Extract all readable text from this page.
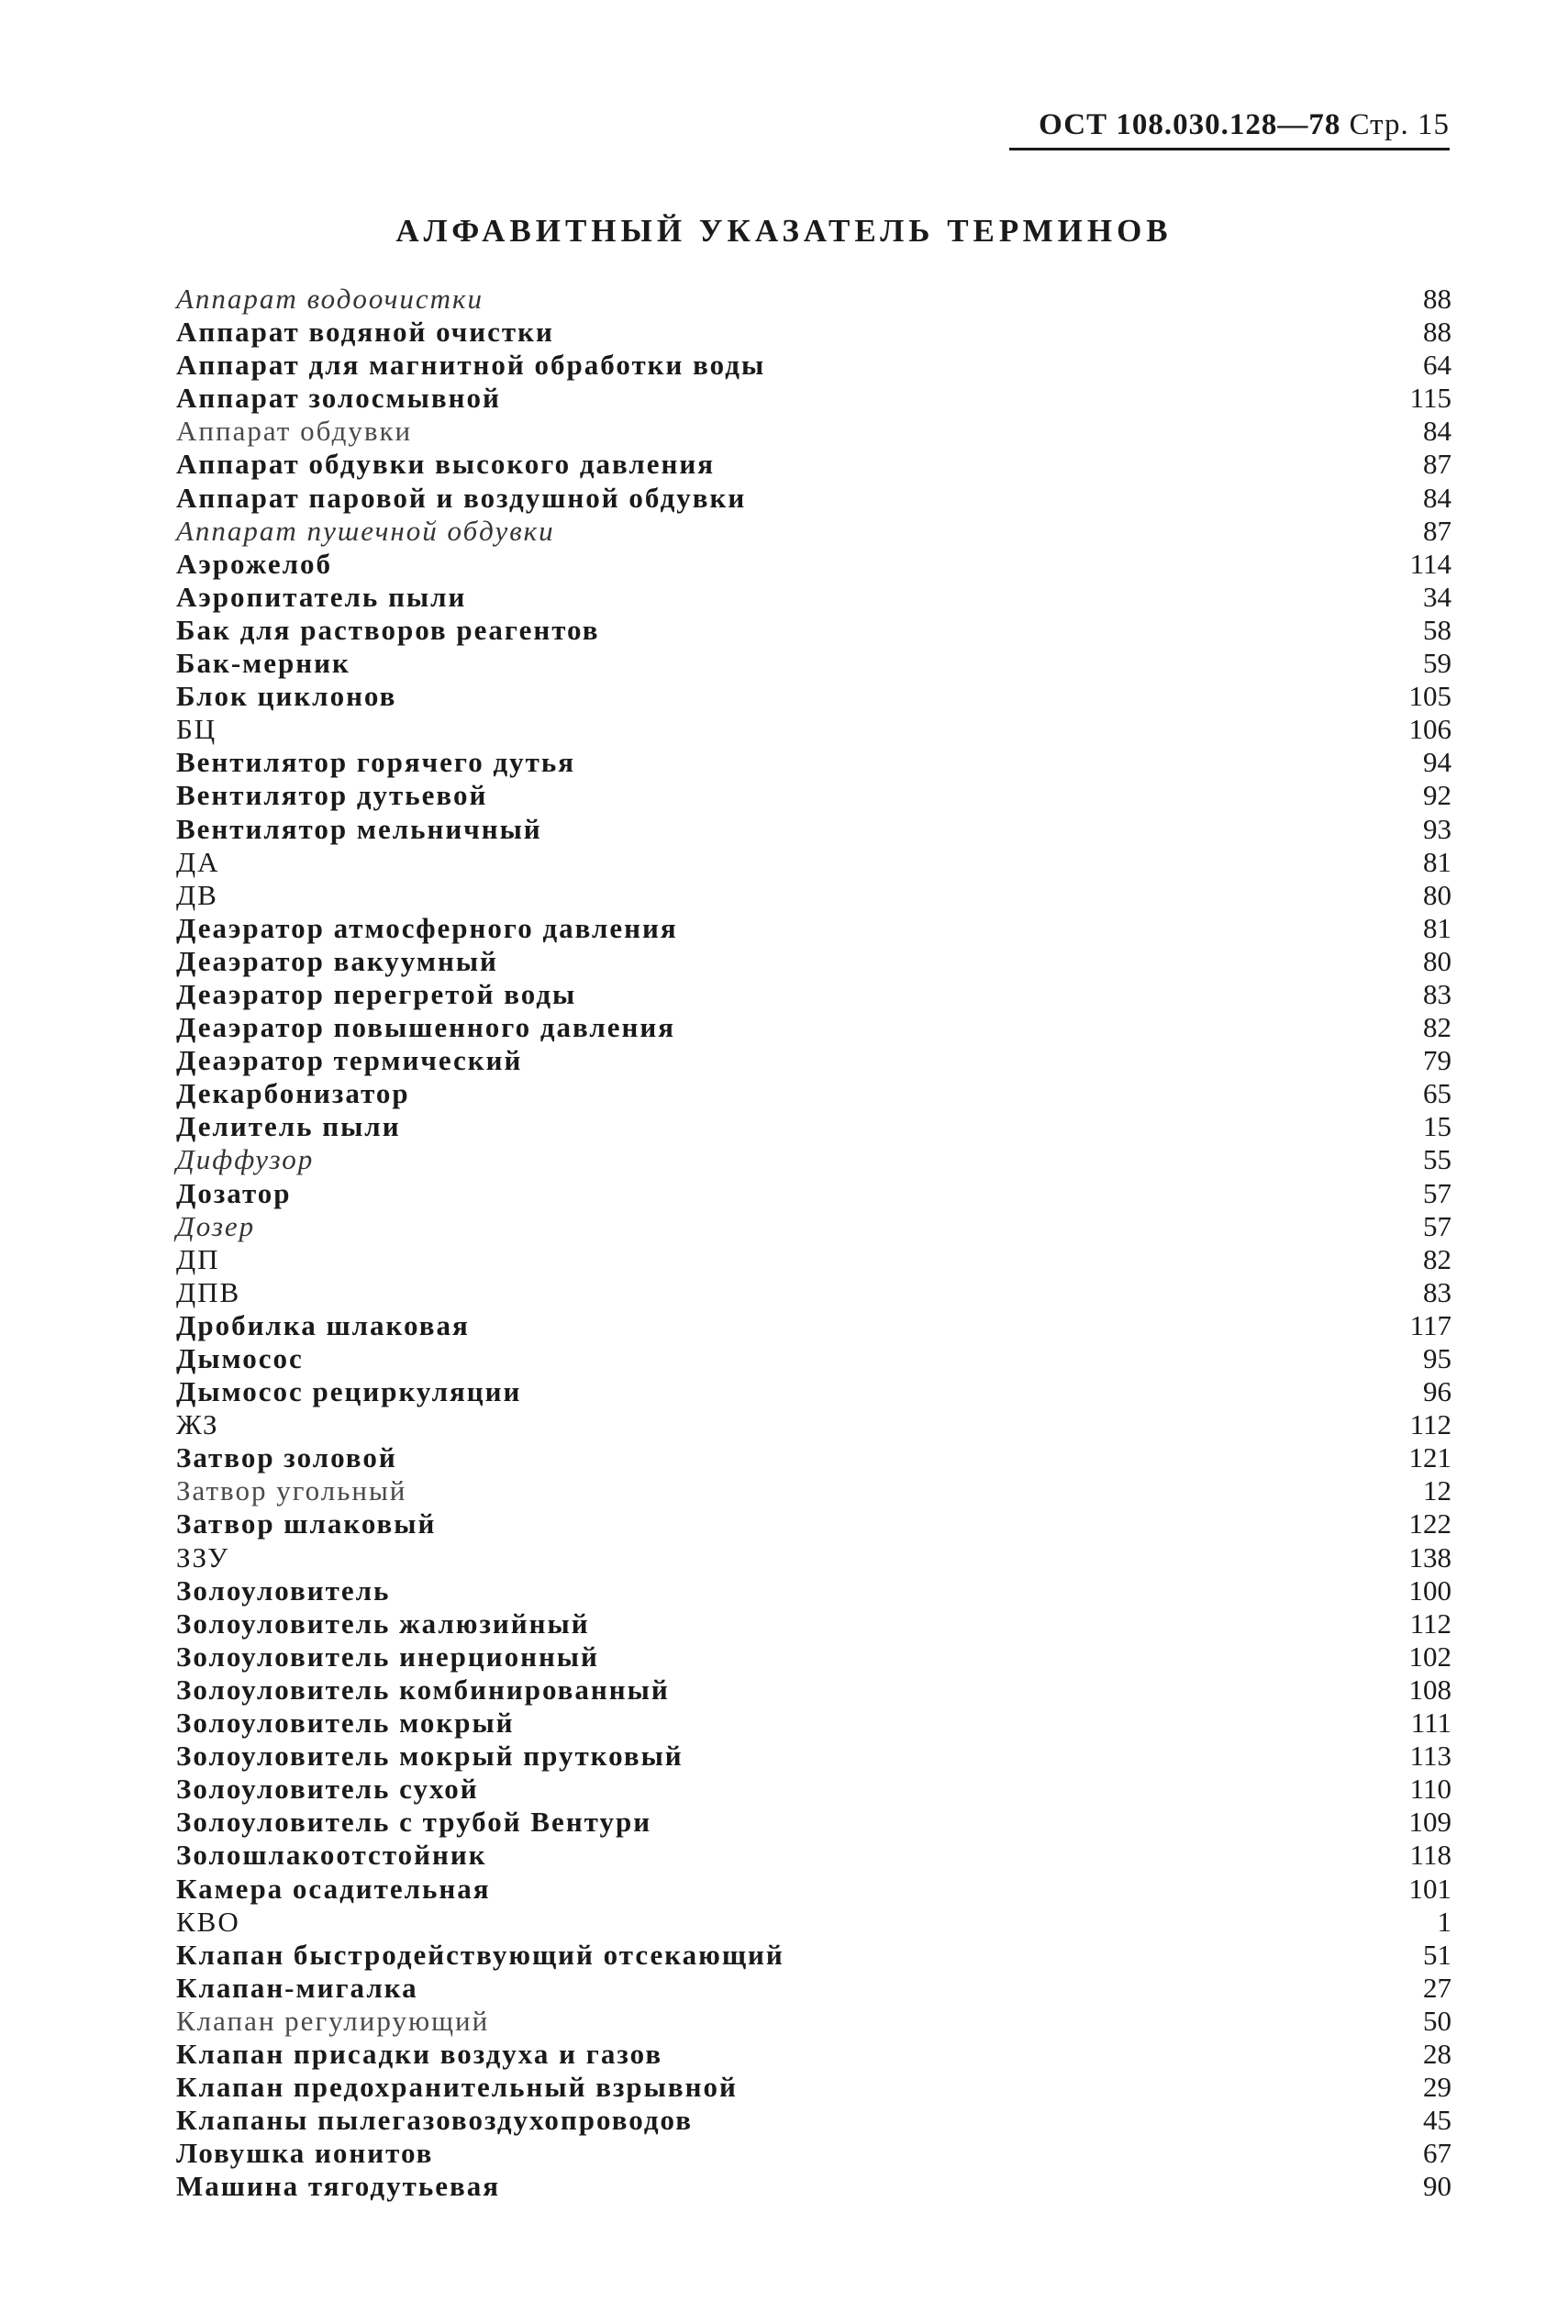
ОСТ 108.030.128—78 Стр. 15
АЛФАВИТНЫЙ УКАЗАТЕЛЬ ТЕРМИНОВ
Аппарат водоочистки	88
Аппарат водяной очистки	88
Аппарат для магнитной обработки воды	64
Аппарат золосмывной	115
Аппарат обдувки	84
Аппарат обдувки высокого давления	87
Аппарат паровой и воздушной обдувки	84
Аппарат пушечной обдувки	87
Аэрожелоб	114
Аэропитатель пыли	34
Бак для растворов реагентов	58
Бак-мерник	59
Блок циклонов	105
БЦ	106
Вентилятор горячего дутья	94
Вентилятор дутьевой	92
Вентилятор мельничный	93
ДА	81
ДВ	80
Деаэратор атмосферного давления	81
Деаэратор вакуумный	80
Деаэратор перегретой воды	83
Деаэратор повышенного давления	82
Деаэратор термический	79
Декарбонизатор	65
Делитель пыли	15
Диффузор	55
Дозатор	57
Дозер	57
ДП	82
ДПВ	83
Дробилка шлаковая	117
Дымосос	95
Дымосос рециркуляции	96
ЖЗ	112
Затвор золовой	121
Затвор угольный	12
Затвор шлаковый	122
ЗЗУ	138
Золоуловитель	100
Золоуловитель жалюзийный	112
Золоуловитель инерционный	102
Золоуловитель комбинированный	108
Золоуловитель мокрый	111
Золоуловитель мокрый прутковый	113
Золоуловитель сухой	110
Золоуловитель с трубой Вентури	109
Золошлакоотстойник	118
Камера осадительная	101
КВО	1
Клапан быстродействующий отсекающий	51
Клапан-мигалка	27
Клапан регулирующий	50
Клапан присадки воздуха и газов	28
Клапан предохранительный взрывной	29
Клапаны пылегазовоздухопроводов	45
Ловушка ионитов	67
Машина тягодутьевая	90
